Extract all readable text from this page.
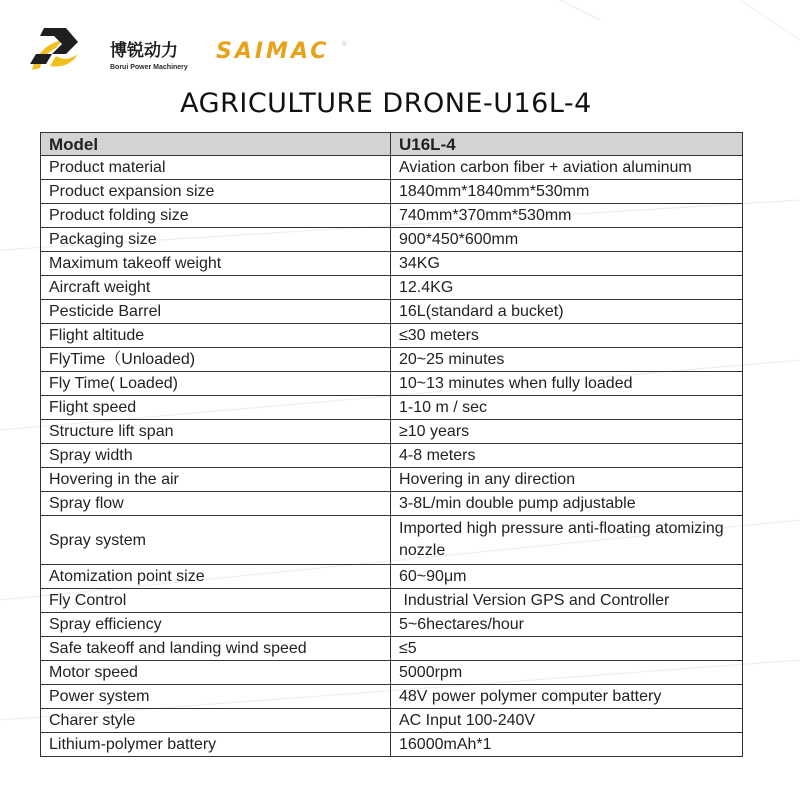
博锐动力
Borui Power Machinery
SAIMAC ®
AGRICULTURE DRONE-U16L-4
Model	U16L-4
Product material	Aviation carbon fiber + aviation aluminum
Product expansion size	1840mm*1840mm*530mm
Product folding size	740mm*370mm*530mm
Packaging size	900*450*600mm
Maximum takeoff weight	34KG
Aircraft weight	12.4KG
Pesticide Barrel	16L(standard a bucket)
Flight altitude	≤30 meters
FlyTime（Unloaded)	20~25 minutes
Fly Time( Loaded)	10~13 minutes when fully loaded
Flight speed	1-10 m / sec
Structure lift span	≥10 years
Spray width	4-8 meters
Hovering in the air	Hovering in any direction
Spray flow	3-8L/min double pump adjustable
Spray system	Imported high pressure anti-floating atomizing nozzle
Atomization point size	60~90μm
Fly Control	Industrial Version GPS and Controller
Spray efficiency	5~6hectares/hour
Safe takeoff and landing wind speed	≤5
Motor speed	5000rpm
Power system	48V power polymer computer battery
Charer style	AC Input 100-240V
Lithium-polymer battery	16000mAh*1
